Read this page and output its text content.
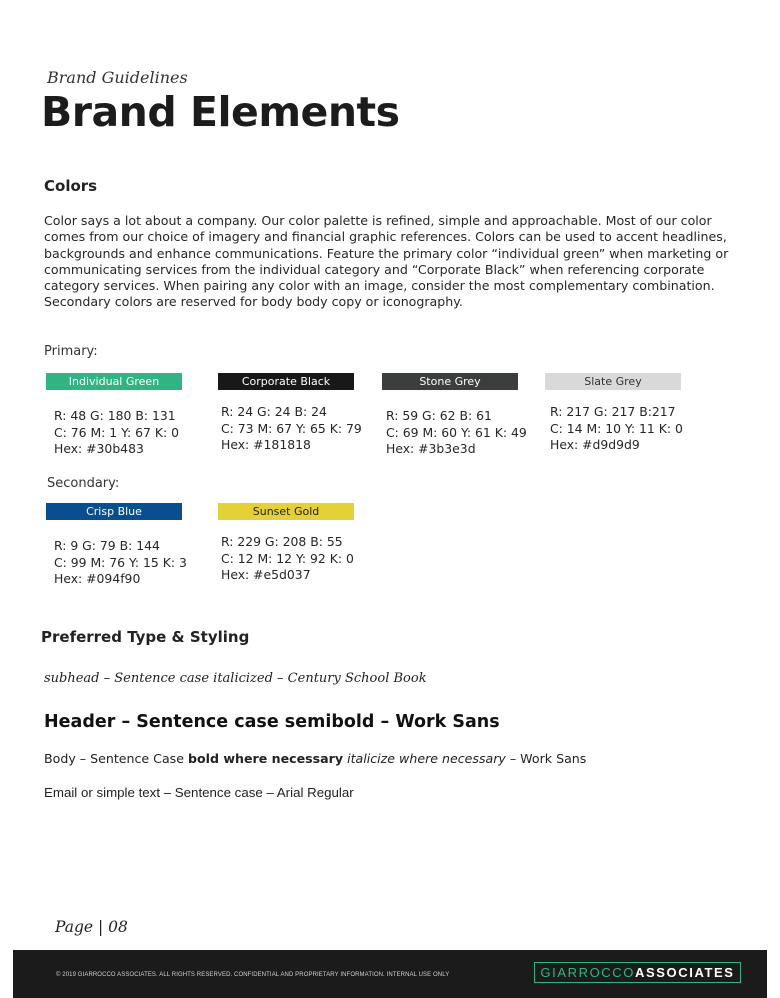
Brand Guidelines
Brand Elements
Colors
Color says a lot about a company. Our color palette is refined, simple and approachable. Most of our color comes from our choice of imagery and financial graphic references. Colors can be used to accent headlines, backgrounds and enhance communications. Feature the primary color “individual green” when marketing or communicating services from the individual category and “Corporate Black” when referencing corporate category services. When pairing any color with an image, consider the most complementary combination. Secondary colors are reserved for body body copy or iconography.
Primary:
Individual Green	Corporate Black	Stone Grey	Slate Grey
R: 48 G: 180 B: 131
C: 76 M: 1 Y: 67 K: 0
Hex: #30b483
R: 24 G: 24 B: 24
C: 73 M: 67 Y: 65 K: 79
Hex: #181818
R: 59 G: 62 B: 61
C: 69 M: 60 Y: 61 K: 49
Hex: #3b3e3d
R: 217 G: 217 B:217
C: 14 M: 10 Y: 11 K: 0
Hex: #d9d9d9
Secondary:
Crisp Blue	Sunset Gold
R: 9 G: 79 B: 144
C: 99 M: 76 Y: 15 K: 3
Hex: #094f90
R: 229 G: 208 B: 55
C: 12 M: 12 Y: 92 K: 0
Hex: #e5d037
Preferred Type & Styling
subhead – Sentence case italicized – Century School Book
Header – Sentence case semibold – Work Sans
Body – Sentence Case bold where necessary italicize where necessary – Work Sans
Email or simple text – Sentence case – Arial Regular
Page | 08
© 2019 GIARROCCO ASSOCIATES. ALL RIGHTS RESERVED. CONFIDENTIAL AND PROPRIETARY INFORMATION. INTERNAL USE ONLY	GIARROCCO ASSOCIATES
